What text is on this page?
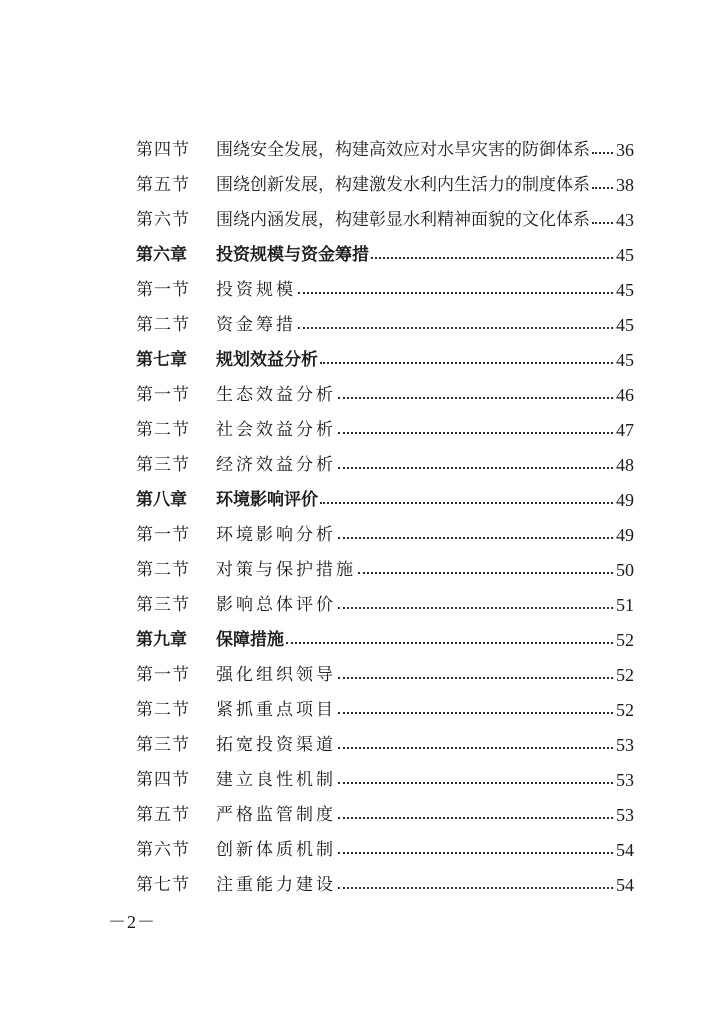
第四节	围绕安全发展，构建高效应对水旱灾害的防御体系 36
第五节	围绕创新发展，构建激发水利内生活力的制度体系 38
第六节	围绕内涵发展，构建彰显水利精神面貌的文化体系 43
第六章	投资规模与资金筹措	45
第一节	投资规模	45
第二节	资金筹措	45
第七章	规划效益分析	45
第一节	生态效益分析	46
第二节	社会效益分析	47
第三节	经济效益分析	48
第八章	环境影响评价	49
第一节	环境影响分析	49
第二节	对策与保护措施	50
第三节	影响总体评价	51
第九章	保障措施	52
第一节	强化组织领导	52
第二节	紧抓重点项目	52
第三节	拓宽投资渠道	53
第四节	建立良性机制	53
第五节	严格监管制度	53
第六节	创新体质机制	54
第七节	注重能力建设	54
－2－
